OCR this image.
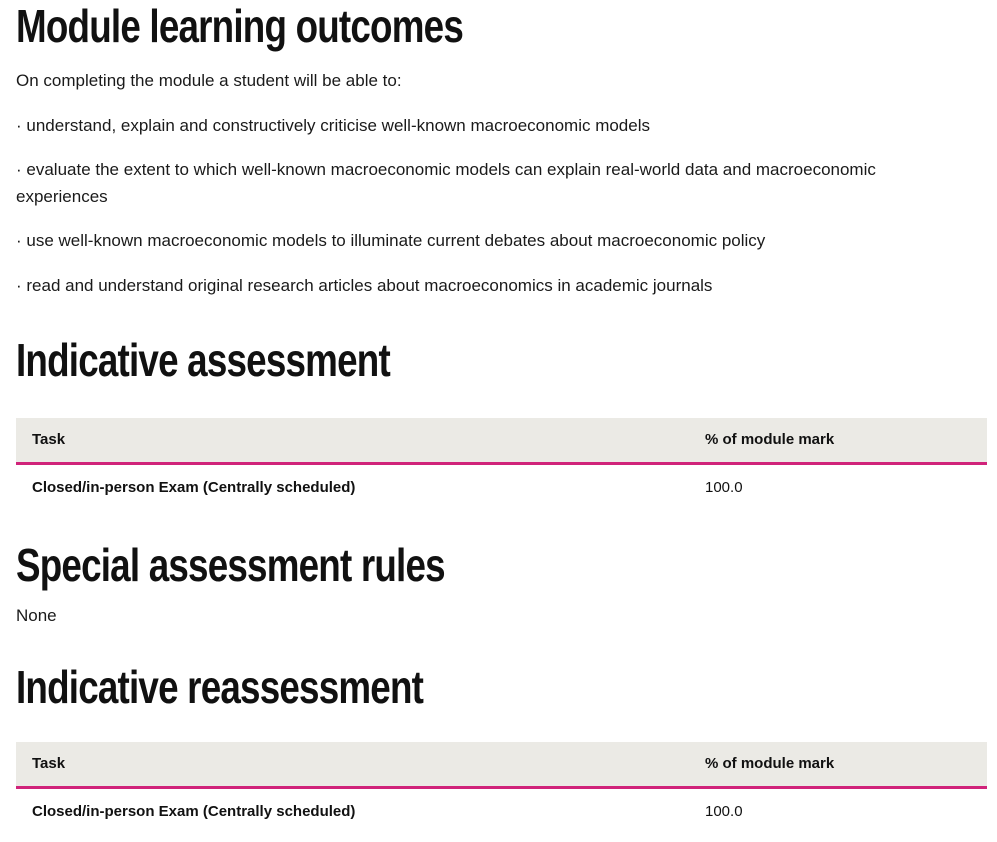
Module learning outcomes

On completing the module a student will be able to:

· understand, explain and constructively criticise well-known macroeconomic models

· evaluate the extent to which well-known macroeconomic models can explain real-world data and macroeconomic experiences

· use well-known macroeconomic models to illuminate current debates about macroeconomic policy

· read and understand original research articles about macroeconomics in academic journals

Indicative assessment
Task	% of module mark
Closed/in-person Exam (Centrally scheduled)	100.0
Special assessment rules

None

Indicative reassessment
Task	% of module mark
Closed/in-person Exam (Centrally scheduled)	100.0
